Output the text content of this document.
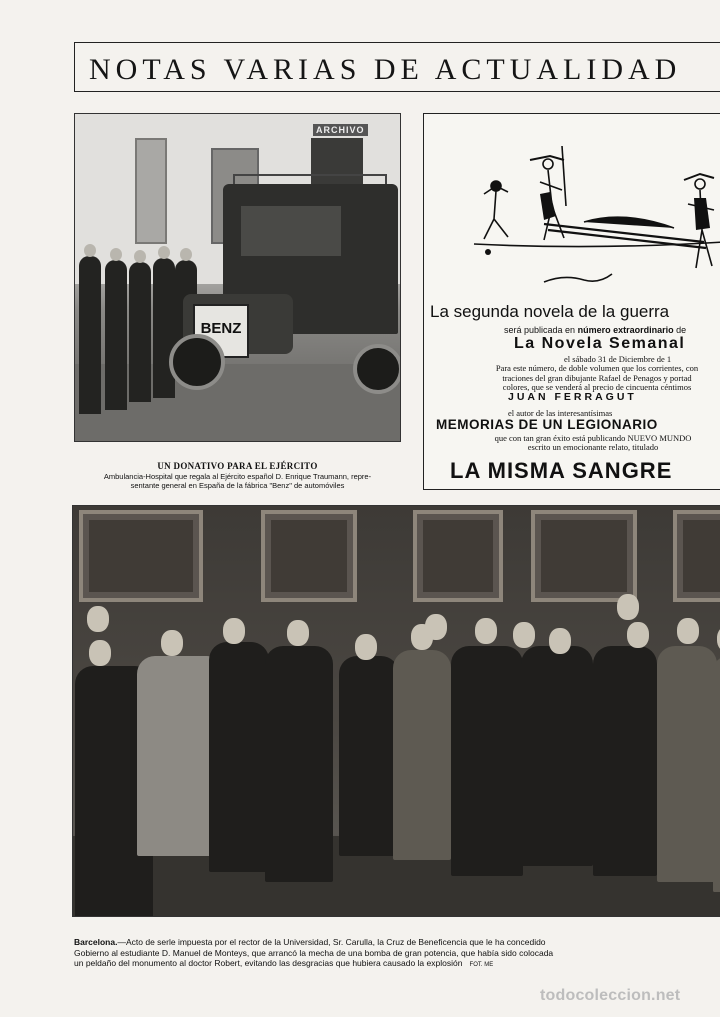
NOTAS VARIAS DE ACTUALIDAD
ARCHIVO
BENZ
UN DONATIVO PARA EL EJÉRCITO
Ambulancia-Hospital que regala al Ejército español D. Enrique Traumann, repre-
sentante general en España de la fábrica "Benz" de automóviles
La segunda novela de la guerra
será publicada en número extraordinario de
La Novela Semanal
el sábado 31 de Diciembre de 1
Para este número, de doble volumen que los corrientes, con
traciones del gran dibujante Rafael de Penagos y portad
colores, que se venderá al precio de cincuenta céntimos
JUAN FERRAGUT
el autor de las interesantísimas
MEMORIAS DE UN LEGIONARIO
que con tan gran éxito está publicando NUEVO MUNDO
escrito un emocionante relato, titulado
LA MISMA SANGRE
Barcelona.—Acto de serle impuesta por el rector de la Universidad, Sr. Carulla, la Cruz de Beneficencia que le ha concedido
Gobierno al estudiante D. Manuel de Monteys, que arrancó la mecha de una bomba de gran potencia, que había sido colocada
un peldaño del monumento al doctor Robert, evitando las desgracias que hubiera causado la explosión FOT. ME
todocoleccion.net
